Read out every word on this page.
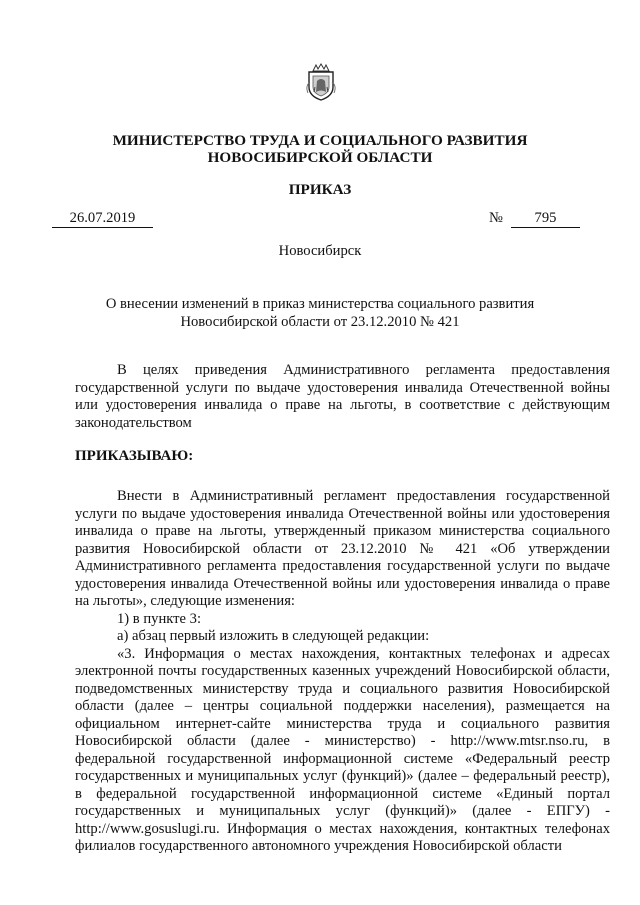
МИНИСТЕРСТВО ТРУДА И СОЦИАЛЬНОГО РАЗВИТИЯ
НОВОСИБИРСКОЙ ОБЛАСТИ
ПРИКАЗ
26.07.2019	№	795
Новосибирск
О внесении изменений в приказ министерства социального развития
Новосибирской области от 23.12.2010 № 421

В целях приведения Административного регламента предоставления государственной услуги по выдаче удостоверения инвалида Отечественной войны или удостоверения инвалида о праве на льготы, в соответствие с действующим законодательством

ПРИКАЗЫВАЮ:

Внести в Административный регламент предоставления государственной услуги по выдаче удостоверения инвалида Отечественной войны или удостоверения инвалида о праве на льготы, утвержденный приказом министерства социального развития Новосибирской области от 23.12.2010 № 421 «Об утверждении Административного регламента предоставления государственной услуги по выдаче удостоверения инвалида Отечественной войны или удостоверения инвалида о праве на льготы», следующие изменения:

1) в пункте 3:

а) абзац первый изложить в следующей редакции:

«3. Информация о местах нахождения, контактных телефонах и адресах электронной почты государственных казенных учреждений Новосибирской области, подведомственных министерству труда и социального развития Новосибирской области (далее – центры социальной поддержки населения), размещается на официальном интернет-сайте министерства труда и социального развития Новосибирской области (далее - министерство) - http://www.mtsr.nso.ru, в федеральной государственной информационной системе «Федеральный реестр государственных и муниципальных услуг (функций)» (далее – федеральный реестр), в федеральной государственной информационной системе «Единый портал государственных и муниципальных услуг (функций)» (далее - ЕПГУ) - http://www.gosuslugi.ru. Информация о местах нахождения, контактных телефонах филиалов государственного автономного учреждения Новосибирской области
